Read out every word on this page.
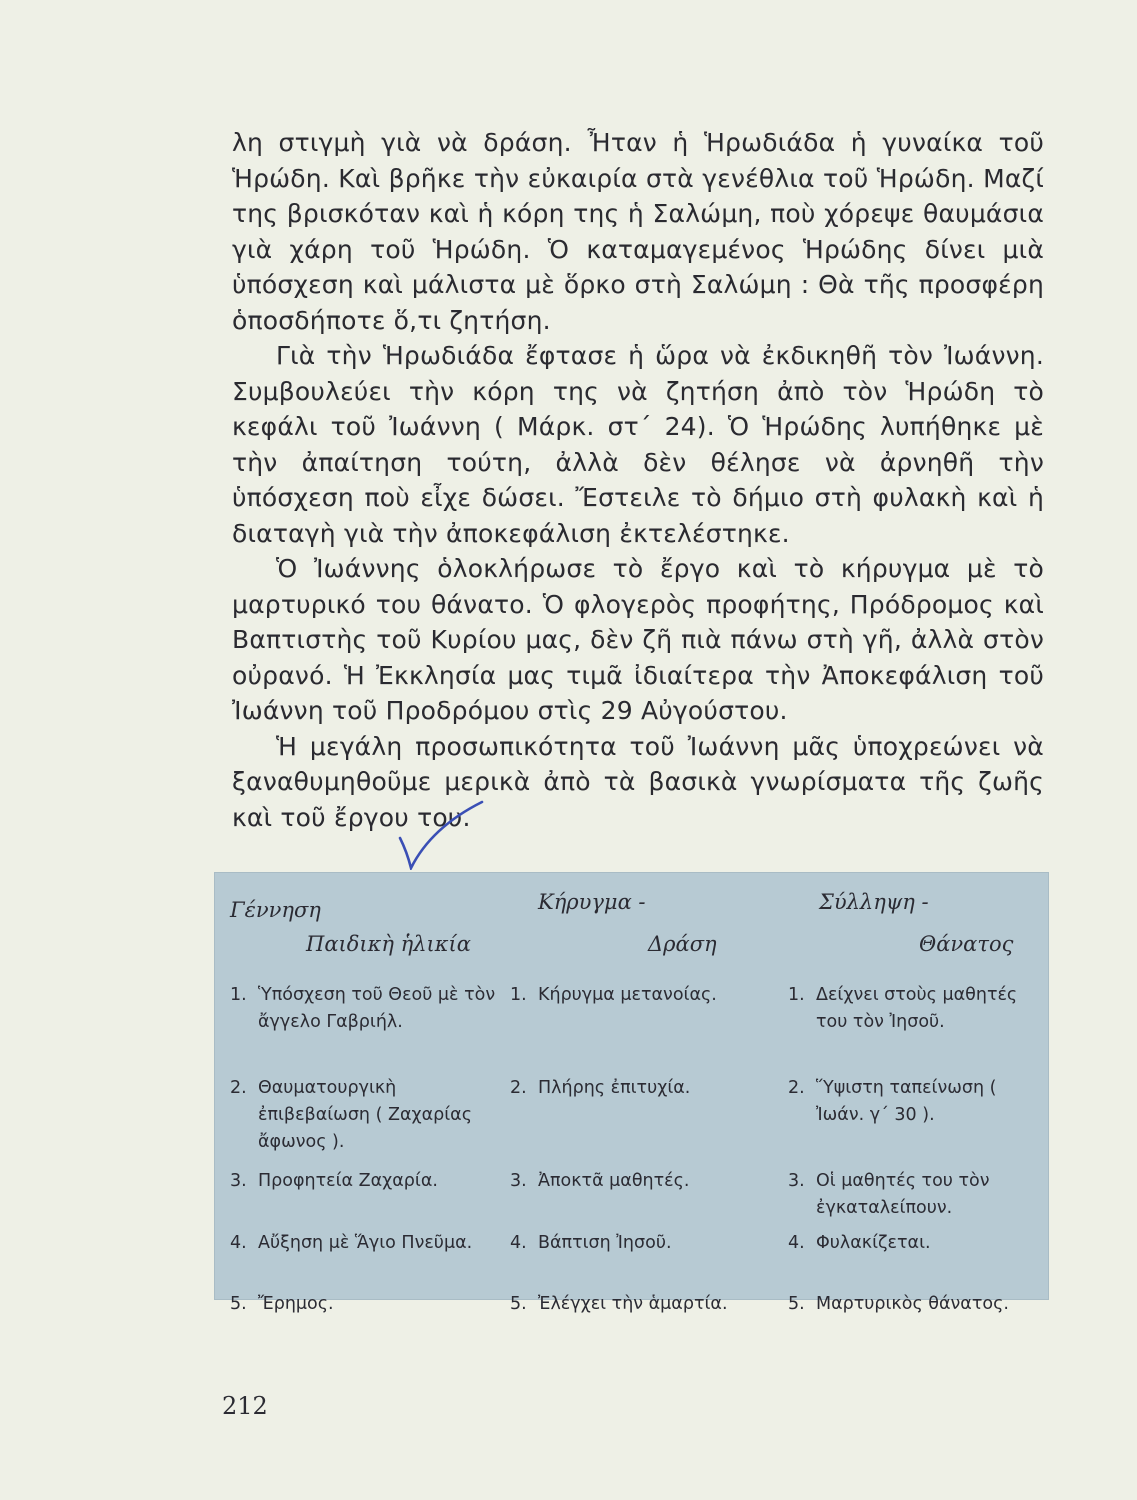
λη στιγμὴ γιὰ νὰ δράση. Ἦταν ἡ Ἡρωδιάδα ἡ γυναίκα τοῦ Ἡρώδη. Καὶ βρῆκε τὴν εὐκαιρία στὰ γενέθλια τοῦ Ἡρώδη. Μαζί της βρισκόταν καὶ ἡ κόρη της ἡ Σαλώμη, ποὺ χόρεψε θαυμάσια γιὰ χάρη τοῦ Ἡρώδη. Ὁ καταμαγεμένος Ἡρώδης δίνει μιὰ ὑπόσχεση καὶ μάλιστα μὲ ὅρκο στὴ Σαλώμη : Θὰ τῆς προσφέρη ὁποσδήποτε ὅ,τι ζητήση.

Γιὰ τὴν Ἡρωδιάδα ἔφτασε ἡ ὥρα νὰ ἐκδικηθῆ τὸν Ἰωάννη. Συμβουλεύει τὴν κόρη της νὰ ζητήση ἀπὸ τὸν Ἡρώδη τὸ κεφάλι τοῦ Ἰωάννη ( Μάρκ. στ΄ 24). Ὁ Ἡρώδης λυπήθηκε μὲ τὴν ἀπαίτηση τούτη, ἀλλὰ δὲν θέλησε νὰ ἀρνηθῆ τὴν ὑπόσχεση ποὺ εἶχε δώσει. Ἔστειλε τὸ δήμιο στὴ φυλακὴ καὶ ἡ διαταγὴ γιὰ τὴν ἀποκεφάλιση ἐκτελέστηκε.

Ὁ Ἰωάννης ὁλοκλήρωσε τὸ ἔργο καὶ τὸ κήρυγμα μὲ τὸ μαρτυρικό του θάνατο. Ὁ φλογερὸς προφήτης, Πρόδρομος καὶ Βαπτιστὴς τοῦ Κυρίου μας, δὲν ζῆ πιὰ πάνω στὴ γῆ, ἀλλὰ στὸν οὐρανό. Ἡ Ἐκκλησία μας τιμᾶ ἰδιαίτερα τὴν Ἀποκεφάλιση τοῦ Ἰωάννη τοῦ Προδρόμου στὶς 29 Αὐγούστου.

Ἡ μεγάλη προσωπικότητα τοῦ Ἰωάννη μᾶς ὑποχρεώνει νὰ ξαναθυμηθοῦμε μερικὰ ἀπὸ τὰ βασικὰ γνωρίσματα τῆς ζωῆς καὶ τοῦ ἔργου του.

Γέννηση
Παιδικὴ ἡλικία
Κήρυγμα -
Δράση
Σύλληψη -
Θάνατος
1. Ὑπόσχεση τοῦ Θεοῦ μὲ τὸν ἄγγελο Γαβριήλ.
2. Θαυματουργικὴ ἐπιβεβαίωση ( Ζαχαρίας ἄφωνος ).
3. Προφητεία Ζαχαρία.
4. Αὔξηση μὲ Ἅγιο Πνεῦμα.
5. Ἔρημος.
1. Κήρυγμα μετανοίας.
2. Πλήρης ἐπιτυχία.
3. Ἀποκτᾶ μαθητές.
4. Βάπτιση Ἰησοῦ.
5. Ἐλέγχει τὴν ἁμαρτία.
1. Δείχνει στοὺς μαθητές του τὸν Ἰησοῦ.
2. Ὕψιστη ταπείνωση ( Ἰωάν. γ΄ 30 ).
3. Οἱ μαθητές του τὸν ἐγκαταλείπουν.
4. Φυλακίζεται.
5. Μαρτυρικὸς θάνατος.
212
